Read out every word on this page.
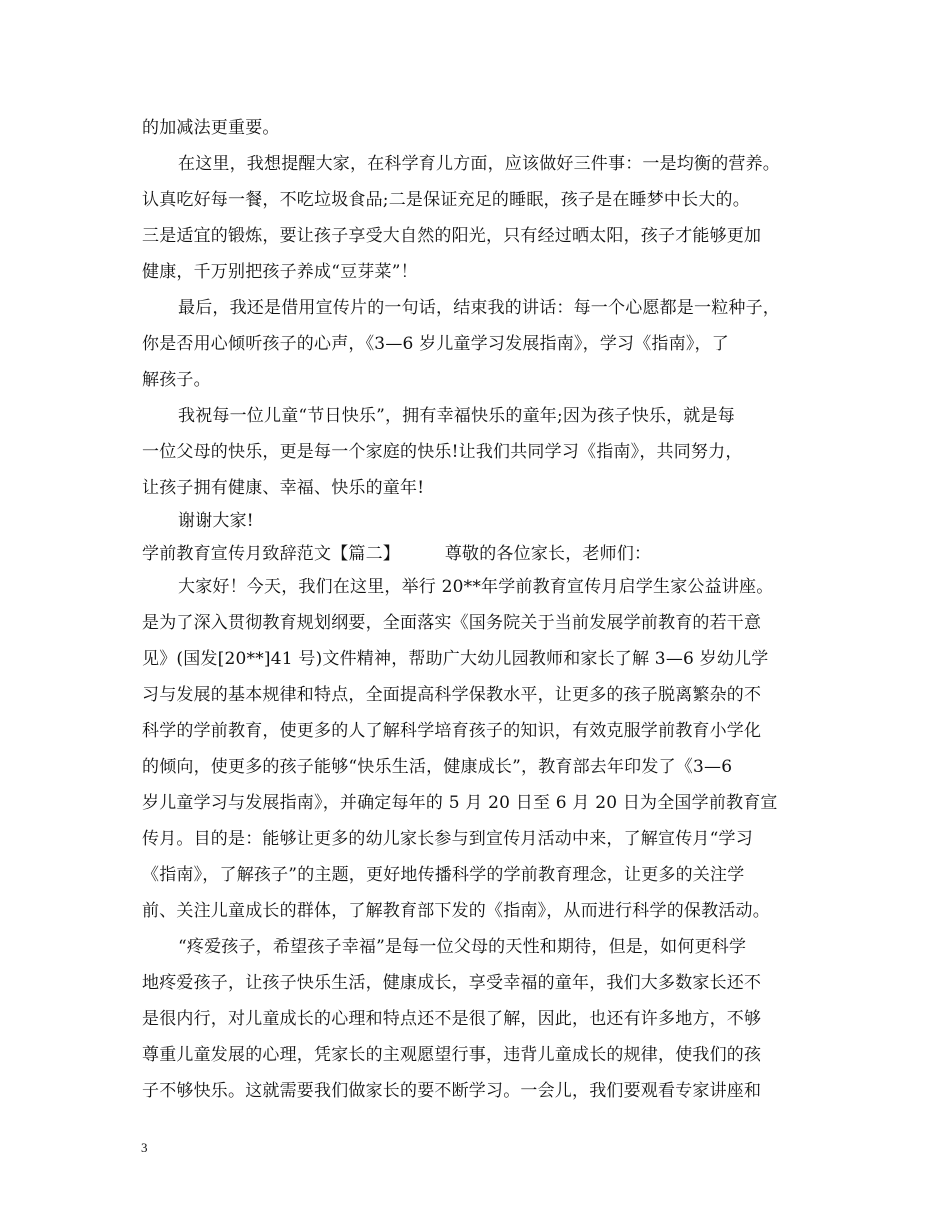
的加减法更重要。
在这里，我想提醒大家，在科学育儿方面，应该做好三件事：一是均衡的营养。
认真吃好每一餐，不吃垃圾食品;二是保证充足的睡眠，孩子是在睡梦中长大的。
三是适宜的锻炼，要让孩子享受大自然的阳光，只有经过晒太阳，孩子才能够更加
健康，千万别把孩子养成“豆芽菜”！
最后，我还是借用宣传片的一句话，结束我的讲话：每一个心愿都是一粒种子，
你是否用心倾听孩子的心声，《3—6 岁儿童学习发展指南》，学习《指南》，了
解孩子。
我祝每一位儿童“节日快乐”，拥有幸福快乐的童年;因为孩子快乐，就是每
一位父母的快乐，更是每一个家庭的快乐!让我们共同学习《指南》，共同努力，
让孩子拥有健康、幸福、快乐的童年!
谢谢大家!
学前教育宣传月致辞范文【篇二】        尊敬的各位家长，老师们：
大家好！今天，我们在这里，举行 20**年学前教育宣传月启学生家公益讲座。
是为了深入贯彻教育规划纲要，全面落实《国务院关于当前发展学前教育的若干意
见》(国发[20**]41 号)文件精神，帮助广大幼儿园教师和家长了解 3—6 岁幼儿学
习与发展的基本规律和特点，全面提高科学保教水平，让更多的孩子脱离繁杂的不
科学的学前教育，使更多的人了解科学培育孩子的知识，有效克服学前教育小学化
的倾向，使更多的孩子能够“快乐生活，健康成长”，教育部去年印发了《3—6
岁儿童学习与发展指南》，并确定每年的 5 月 20 日至 6 月 20 日为全国学前教育宣
传月。目的是：能够让更多的幼儿家长参与到宣传月活动中来，了解宣传月“学习
《指南》，了解孩子”的主题，更好地传播科学的学前教育理念，让更多的关注学
前、关注儿童成长的群体，了解教育部下发的《指南》，从而进行科学的保教活动。
“疼爱孩子，希望孩子幸福”是每一位父母的天性和期待，但是，如何更科学
地疼爱孩子，让孩子快乐生活，健康成长，享受幸福的童年，我们大多数家长还不
是很内行，对儿童成长的心理和特点还不是很了解，因此，也还有许多地方，不够
尊重儿童发展的心理，凭家长的主观愿望行事，违背儿童成长的规律，使我们的孩
子不够快乐。这就需要我们做家长的要不断学习。一会儿，我们要观看专家讲座和
3
